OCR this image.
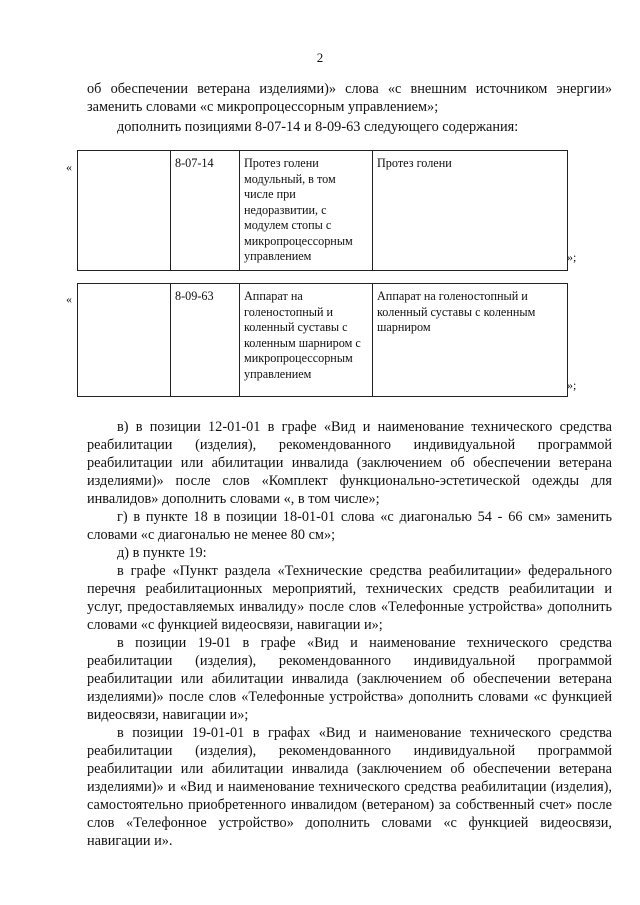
2
об обеспечении ветерана изделиями)» слова «с внешним источником энергии» заменить словами «с микропроцессорным управлением»;
дополнить позициями 8-07-14 и 8-09-63 следующего содержания:
«
		8-07-14	Протез голени модульный, в том числе при недоразвитии, с модулем стопы с микропроцессорным управлением	Протез голени
»;
«
		8-09-63	Аппарат на голеностопный и коленный суставы с коленным шарниром с микропроцессорным управлением	Аппарат на голеностопный и коленный суставы с коленным шарниром
»;
в) в позиции 12-01-01 в графе «Вид и наименование технического средства реабилитации (изделия), рекомендованного индивидуальной программой реабилитации или абилитации инвалида (заключением об обеспечении ветерана изделиями)» после слов «Комплект функционально-эстетической одежды для инвалидов» дополнить словами «, в том числе»;
г) в пункте 18 в позиции 18-01-01 слова «с диагональю 54 - 66 см» заменить словами «с диагональю не менее 80 см»;
д) в пункте 19:
в графе «Пункт раздела «Технические средства реабилитации» федерального перечня реабилитационных мероприятий, технических средств реабилитации и услуг, предоставляемых инвалиду» после слов «Телефонные устройства» дополнить словами «с функцией видеосвязи, навигации и»;
в позиции 19-01 в графе «Вид и наименование технического средства реабилитации (изделия), рекомендованного индивидуальной программой реабилитации или абилитации инвалида (заключением об обеспечении ветерана изделиями)» после слов «Телефонные устройства» дополнить словами «с функцией видеосвязи, навигации и»;
в позиции 19-01-01 в графах «Вид и наименование технического средства реабилитации (изделия), рекомендованного индивидуальной программой реабилитации или абилитации инвалида (заключением об обеспечении ветерана изделиями)» и «Вид и наименование технического средства реабилитации (изделия), самостоятельно приобретенного инвалидом (ветераном) за собственный счет» после слов «Телефонное устройство» дополнить словами «с функцией видеосвязи, навигации и».
